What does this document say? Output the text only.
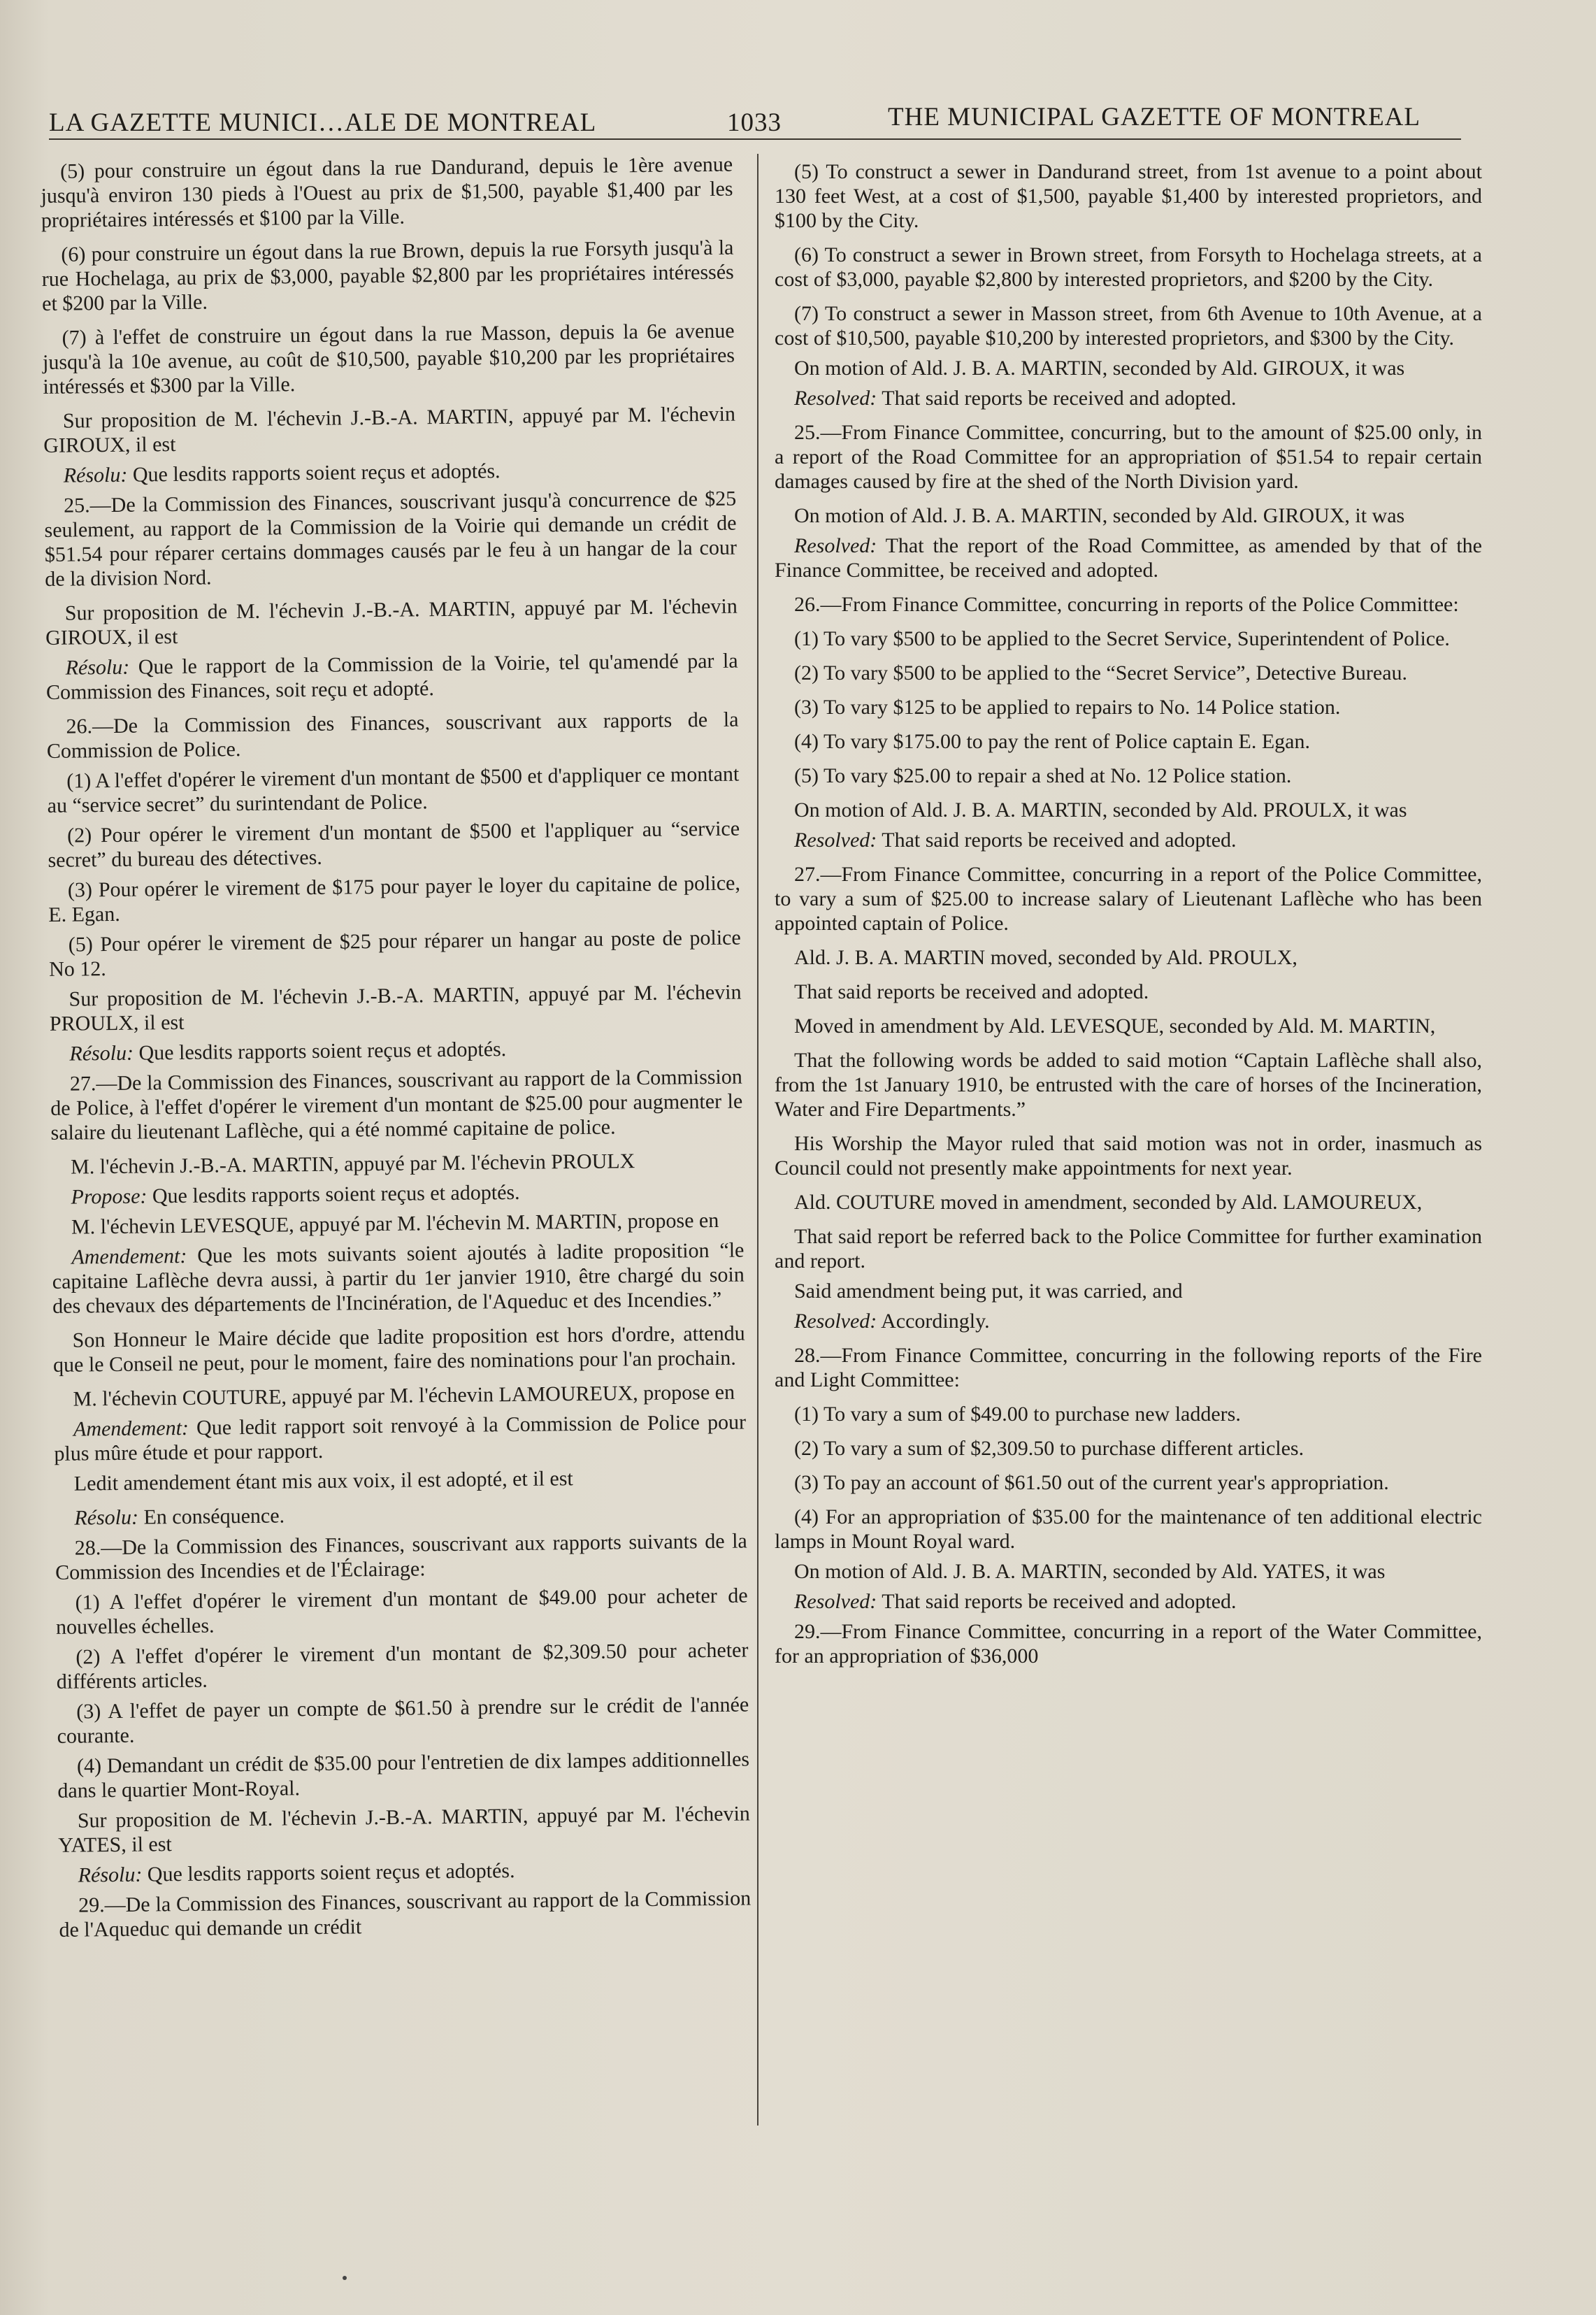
LA GAZETTE MUNICI…ALE DE MONTREAL	1033	THE MUNICIPAL GAZETTE OF MONTREAL

(5) pour construire un égout dans la rue Dandurand, depuis le 1ère avenue jusqu'à environ 130 pieds à l'Ouest au prix de $1,500, payable $1,400 par les propriétaires intéressés et $100 par la Ville.

(6) pour construire un égout dans la rue Brown, depuis la rue Forsyth jusqu'à la rue Hochelaga, au prix de $3,000, payable $2,800 par les propriétaires intéressés et $200 par la Ville.

(7) à l'effet de construire un égout dans la rue Masson, depuis la 6e avenue jusqu'à la 10e avenue, au coût de $10,500, payable $10,200 par les propriétaires intéressés et $300 par la Ville.

Sur proposition de M. l'échevin J.-B.-A. MARTIN, appuyé par M. l'échevin GIROUX, il est

Résolu: Que lesdits rapports soient reçus et adoptés.

25.—De la Commission des Finances, souscrivant jusqu'à concurrence de $25 seulement, au rapport de la Commission de la Voirie qui demande un crédit de $51.54 pour réparer certains dommages causés par le feu à un hangar de la cour de la division Nord.

Sur proposition de M. l'échevin J.-B.-A. MARTIN, appuyé par M. l'échevin GIROUX, il est

Résolu: Que le rapport de la Commission de la Voirie, tel qu'amendé par la Commission des Finances, soit reçu et adopté.

26.—De la Commission des Finances, souscrivant aux rapports de la Commission de Police.

(1) A l'effet d'opérer le virement d'un montant de $500 et d'appliquer ce montant au “service secret” du surintendant de Police.

(2) Pour opérer le virement d'un montant de $500 et l'appliquer au “service secret” du bureau des détectives.

(3) Pour opérer le virement de $175 pour payer le loyer du capitaine de police, E. Egan.

(5) Pour opérer le virement de $25 pour réparer un hangar au poste de police No 12.

Sur proposition de M. l'échevin J.-B.-A. MARTIN, appuyé par M. l'échevin PROULX, il est

Résolu: Que lesdits rapports soient reçus et adoptés.

27.—De la Commission des Finances, souscrivant au rapport de la Commission de Police, à l'effet d'opérer le virement d'un montant de $25.00 pour augmenter le salaire du lieutenant Laflèche, qui a été nommé capitaine de police.

M. l'échevin J.-B.-A. MARTIN, appuyé par M. l'échevin PROULX

Propose: Que lesdits rapports soient reçus et adoptés.

M. l'échevin LEVESQUE, appuyé par M. l'échevin M. MARTIN, propose en

Amendement: Que les mots suivants soient ajoutés à ladite proposition “le capitaine Laflèche devra aussi, à partir du 1er janvier 1910, être chargé du soin des chevaux des départements de l'Incinération, de l'Aqueduc et des Incendies.”

Son Honneur le Maire décide que ladite proposition est hors d'ordre, attendu que le Conseil ne peut, pour le moment, faire des nominations pour l'an prochain.

M. l'échevin COUTURE, appuyé par M. l'échevin LAMOUREUX, propose en

Amendement: Que ledit rapport soit renvoyé à la Commission de Police pour plus mûre étude et pour rapport.

Ledit amendement étant mis aux voix, il est adopté, et il est

Résolu: En conséquence.

28.—De la Commission des Finances, souscrivant aux rapports suivants de la Commission des Incendies et de l'Éclairage:

(1) A l'effet d'opérer le virement d'un montant de $49.00 pour acheter de nouvelles échelles.

(2) A l'effet d'opérer le virement d'un montant de $2,309.50 pour acheter différents articles.

(3) A l'effet de payer un compte de $61.50 à prendre sur le crédit de l'année courante.

(4) Demandant un crédit de $35.00 pour l'entretien de dix lampes additionnelles dans le quartier Mont-Royal.

Sur proposition de M. l'échevin J.-B.-A. MARTIN, appuyé par M. l'échevin YATES, il est

Résolu: Que lesdits rapports soient reçus et adoptés.

29.—De la Commission des Finances, souscrivant au rapport de la Commission de l'Aqueduc qui demande un crédit

(5) To construct a sewer in Dandurand street, from 1st avenue to a point about 130 feet West, at a cost of $1,500, payable $1,400 by interested proprietors, and $100 by the City.

(6) To construct a sewer in Brown street, from Forsyth to Hochelaga streets, at a cost of $3,000, payable $2,800 by interested proprietors, and $200 by the City.

(7) To construct a sewer in Masson street, from 6th Avenue to 10th Avenue, at a cost of $10,500, payable $10,200 by interested proprietors, and $300 by the City.

On motion of Ald. J. B. A. MARTIN, seconded by Ald. GIROUX, it was

Resolved: That said reports be received and adopted.

25.—From Finance Committee, concurring, but to the amount of $25.00 only, in a report of the Road Committee for an appropriation of $51.54 to repair certain damages caused by fire at the shed of the North Division yard.

On motion of Ald. J. B. A. MARTIN, seconded by Ald. GIROUX, it was

Resolved: That the report of the Road Committee, as amended by that of the Finance Committee, be received and adopted.

26.—From Finance Committee, concurring in reports of the Police Committee:

(1) To vary $500 to be applied to the Secret Service, Superintendent of Police.

(2) To vary $500 to be applied to the “Secret Service”, Detective Bureau.

(3) To vary $125 to be applied to repairs to No. 14 Police station.

(4) To vary $175.00 to pay the rent of Police captain E. Egan.

(5) To vary $25.00 to repair a shed at No. 12 Police station.

On motion of Ald. J. B. A. MARTIN, seconded by Ald. PROULX, it was

Resolved: That said reports be received and adopted.

27.—From Finance Committee, concurring in a report of the Police Committee, to vary a sum of $25.00 to increase salary of Lieutenant Laflèche who has been appointed captain of Police.

Ald. J. B. A. MARTIN moved, seconded by Ald. PROULX,

That said reports be received and adopted.

Moved in amendment by Ald. LEVESQUE, seconded by Ald. M. MARTIN,

That the following words be added to said motion “Captain Laflèche shall also, from the 1st January 1910, be entrusted with the care of horses of the Incineration, Water and Fire Departments.”

His Worship the Mayor ruled that said motion was not in order, inasmuch as Council could not presently make appointments for next year.

Ald. COUTURE moved in amendment, seconded by Ald. LAMOUREUX,

That said report be referred back to the Police Committee for further examination and report.

Said amendment being put, it was carried, and

Resolved: Accordingly.

28.—From Finance Committee, concurring in the following reports of the Fire and Light Committee:

(1) To vary a sum of $49.00 to purchase new ladders.

(2) To vary a sum of $2,309.50 to purchase different articles.

(3) To pay an account of $61.50 out of the current year's appropriation.

(4) For an appropriation of $35.00 for the maintenance of ten additional electric lamps in Mount Royal ward.

On motion of Ald. J. B. A. MARTIN, seconded by Ald. YATES, it was

Resolved: That said reports be received and adopted.

29.—From Finance Committee, concurring in a report of the Water Committee, for an appropriation of $36,000
